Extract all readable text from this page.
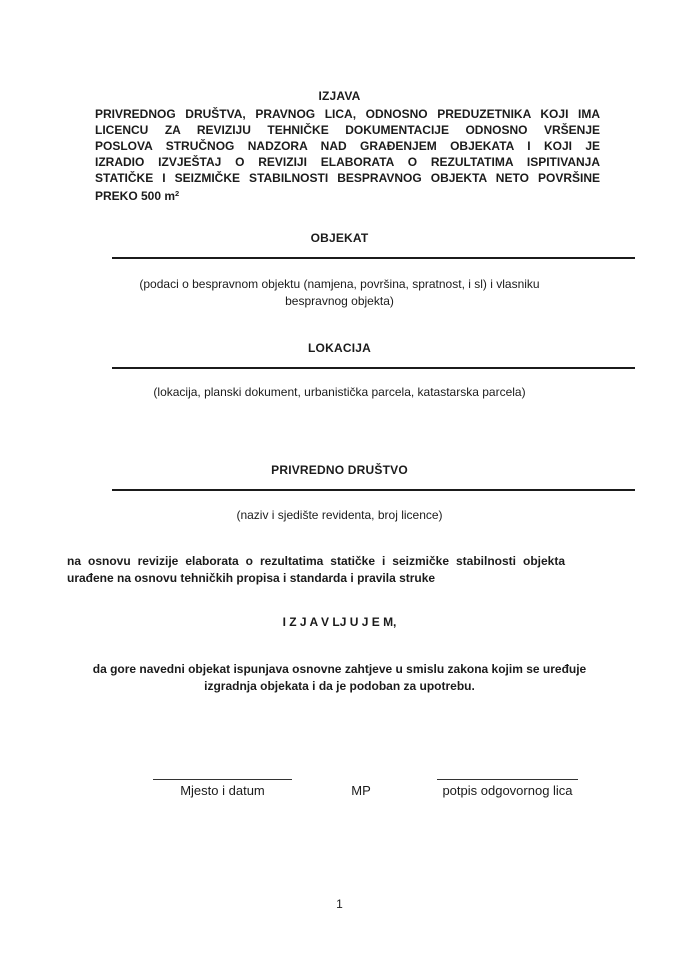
IZJAVA
PRIVREDNOG DRUŠTVA, PRAVNOG LICA, ODNOSNO PREDUZETNIKA KOJI IMA
LICENCU ZA REVIZIJU TEHNIČKE DOKUMENTACIJE ODNOSNO VRŠENJE
POSLOVA STRUČNOG NADZORA NAD GRAĐENJEM OBJEKATA I KOJI JE
IZRADIO IZVJEŠTAJ O REVIZIJI ELABORATA O REZULTATIMA ISPITIVANJA
STATIČKE I SEIZMIČKE STABILNOSTI BESPRAVNOG OBJEKTA NETO POVRŠINE
PREKO 500 $m^2$
OBJEKAT
(podaci o bespravnom objektu (namjena, površina, spratnost, i sl) i vlasniku
bespravnog objekta)
LOKACIJA
(lokacija, planski dokument, urbanistička parcela, katastarska parcela)
PRIVREDNO DRUŠTVO
(naziv i sjedište revidenta, broj licence)
na osnovu revizije elaborata o rezultatima statičke i seizmičke stabilnosti objekta
urađene na osnovu tehničkih propisa i standarda i pravila struke
I Z J A V LJ U J E M,
da gore navedni objekat ispunjava osnovne zahtjeve u smislu zakona kojim se uređuje
izgradnja objekata i da je podoban za upotrebu.
Mjesto i datum	MP	potpis odgovornog lica
1
